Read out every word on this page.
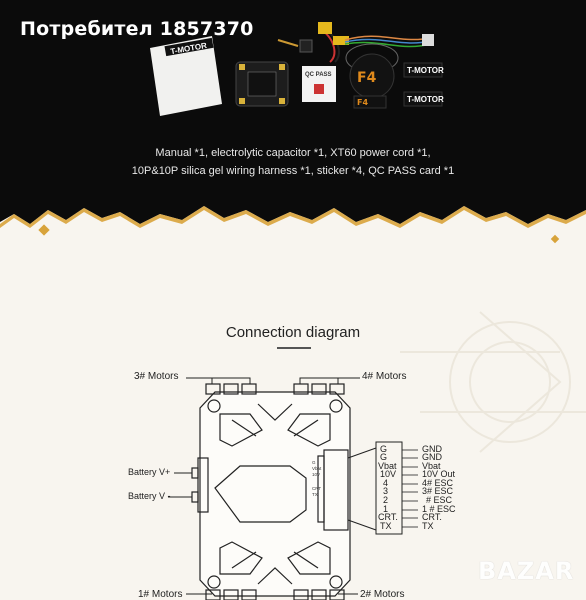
T-MOTOR
F4	T-MOTOR
T-MOTOR
F4
QC PASS
Потребител 1857370
Manual *1, electrolytic capacitor *1, XT60 power cord *1,
10P&10P silica gel wiring harness *1, sticker *4, QC PASS card *1
Connection diagram
G
Vbat
10V
CRT
TX
3# Motors	4# Motors
1# Motors	2# Motors
Battery V+
Battery V -
G
G
Vbat
10V
4
3
2
1
CRT.
TX
GND
GND
Vbat
10V Out
4# ESC
3# ESC
# ESC
1 # ESC
CRT.
TX
BAZAR
